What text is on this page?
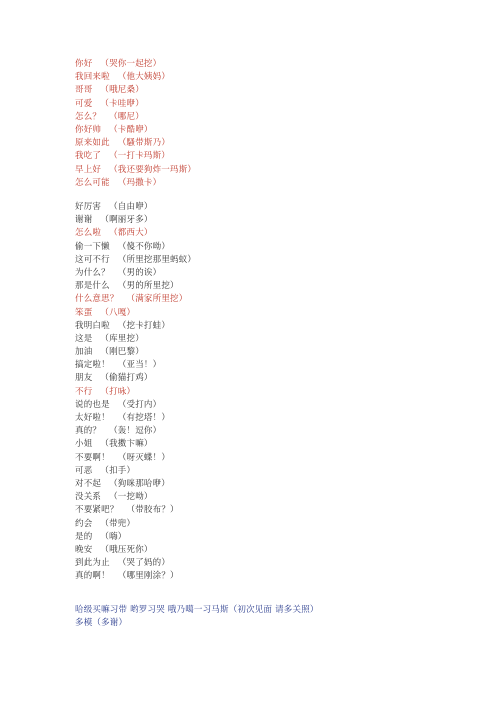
你好 （哭你一起挖）
我回来啦 （他大姨妈）
哥哥 （哦尼桑）
可爱 （卡哇咿）
怎么？ （哪尼）
你好帅 （卡酷咿）
原来如此 （騷带斯乃）
我吃了 （一打卡玛斯）
早上好 （我还要狗炸一玛斯）
怎么可能 （玛撒卡）
好厉害 （自由咿）
谢谢 （啊丽牙多）
怎么啦 （都西大）
偷一下懒 （傻不你呦）
这可不行 （所里挖那里蚂蚁）
为什么？ （男的诶）
那是什么 （男的所里挖）
什么意思？ （满家所里挖）
笨蛋 （八嘎）
我明白啦 （挖卡打蛙）
这是 （库里挖）
加油 （刚巴黎）
搞定啦！ （亚当！）
朋友 （偷猫打鸡）
不行 （打咏）
说的也是 （受打内）
太好啦！ （有挖塔！）
真的？ （轰！逗你）
小姐 （我擞卞嘛）
不要啊！ （呀灭蝶！）
可恶 （扣手）
对不起 （狗咪那哈咿）
没关系 （一挖呦）
不要紧吧？ （带胶布？）
约会 （带兜）
是的 （嗨）
晚安 （哦压死你）
到此为止 （哭了妈的）
真的啊！ （哪里刚涂？）
哈级买嘛习带 哟罗习哭 哦乃噶一习马斯（初次见面 请多关照）
多模（多谢）
